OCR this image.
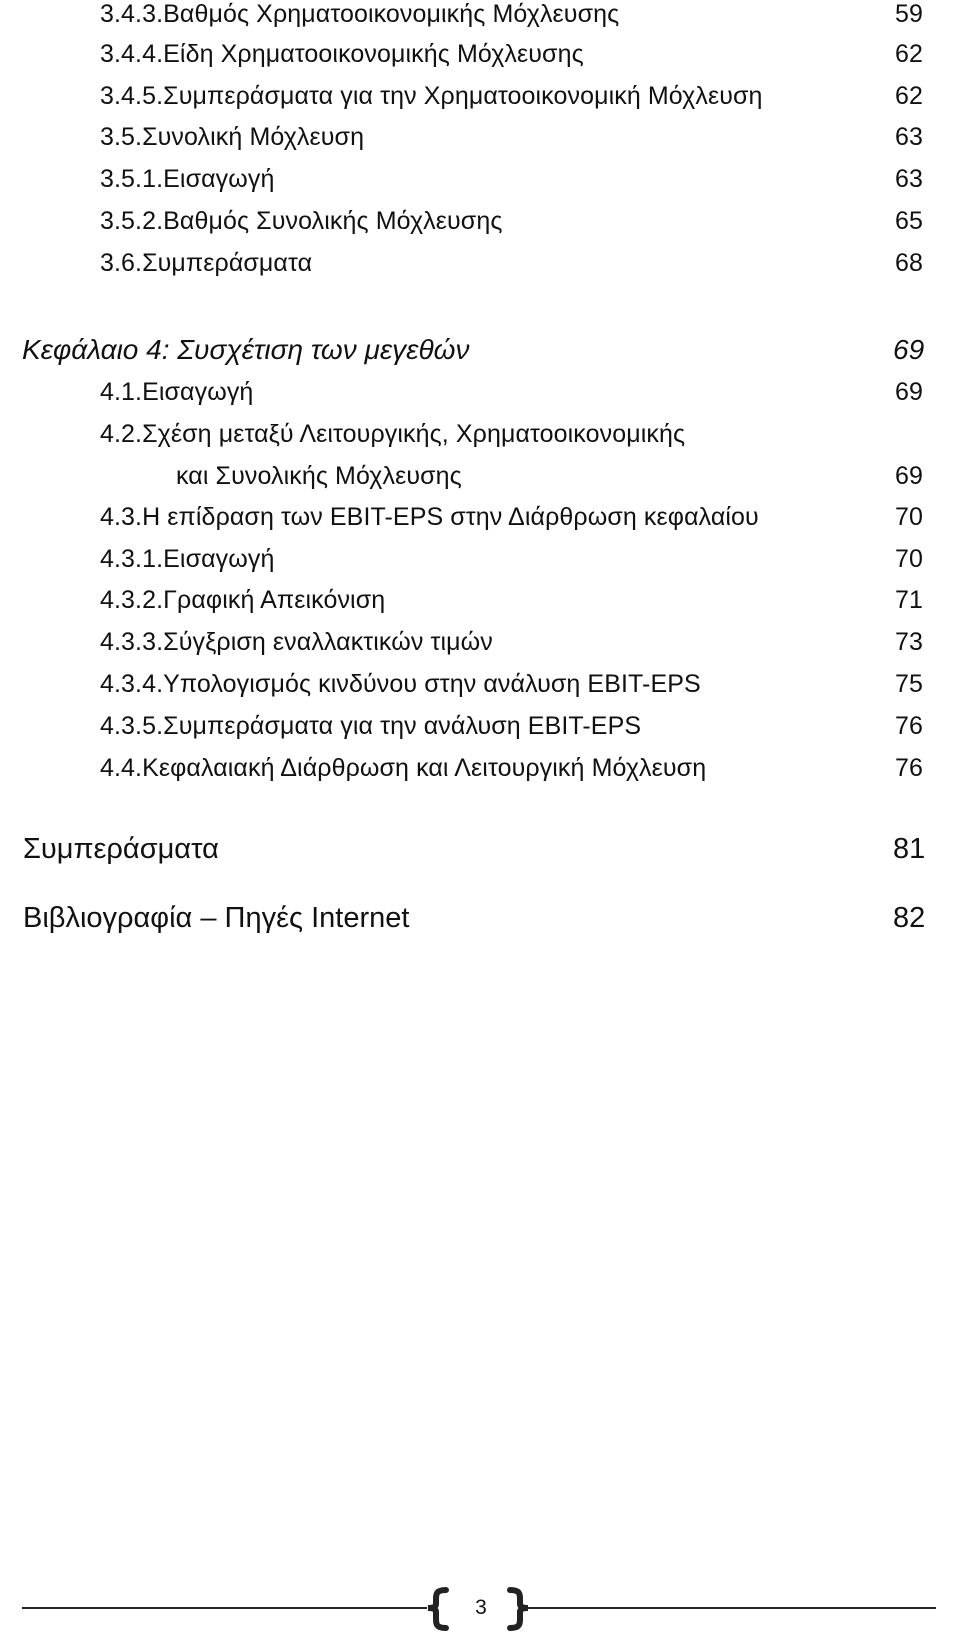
3.4.3.Βαθμός Χρηματοοικονομικής Μόχλευσης	59
3.4.4.Είδη Χρηματοοικονομικής Μόχλευσης	62
3.4.5.Συμπεράσματα για την Χρηματοοικονομική Μόχλευση	62
3.5.Συνολική Μόχλευση	63
3.5.1.Εισαγωγή	63
3.5.2.Βαθμός Συνολικής Μόχλευσης	65
3.6.Συμπεράσματα	68
Κεφάλαιο 4: Συσχέτιση των μεγεθών	69
4.1.Εισαγωγή	69
4.2.Σχέση μεταξύ Λειτουργικής, Χρηματοοικονομικής
και Συνολικής Μόχλευσης	69
4.3.Η επίδραση των EBIT-EPS στην Διάρθρωση κεφαλαίου	70
4.3.1.Εισαγωγή	70
4.3.2.Γραφική Απεικόνιση	71
4.3.3.Σύγξριση εναλλακτικών τιμών	73
4.3.4.Υπολογισμός κινδύνου στην ανάλυση EBIT-EPS	75
4.3.5.Συμπεράσματα για την ανάλυση EBIT-EPS	76
4.4.Κεφαλαιακή Διάρθρωση και Λειτουργική Μόχλευση	76
Συμπεράσματα	81
Βιβλιογραφία – Πηγές Internet	82
3
